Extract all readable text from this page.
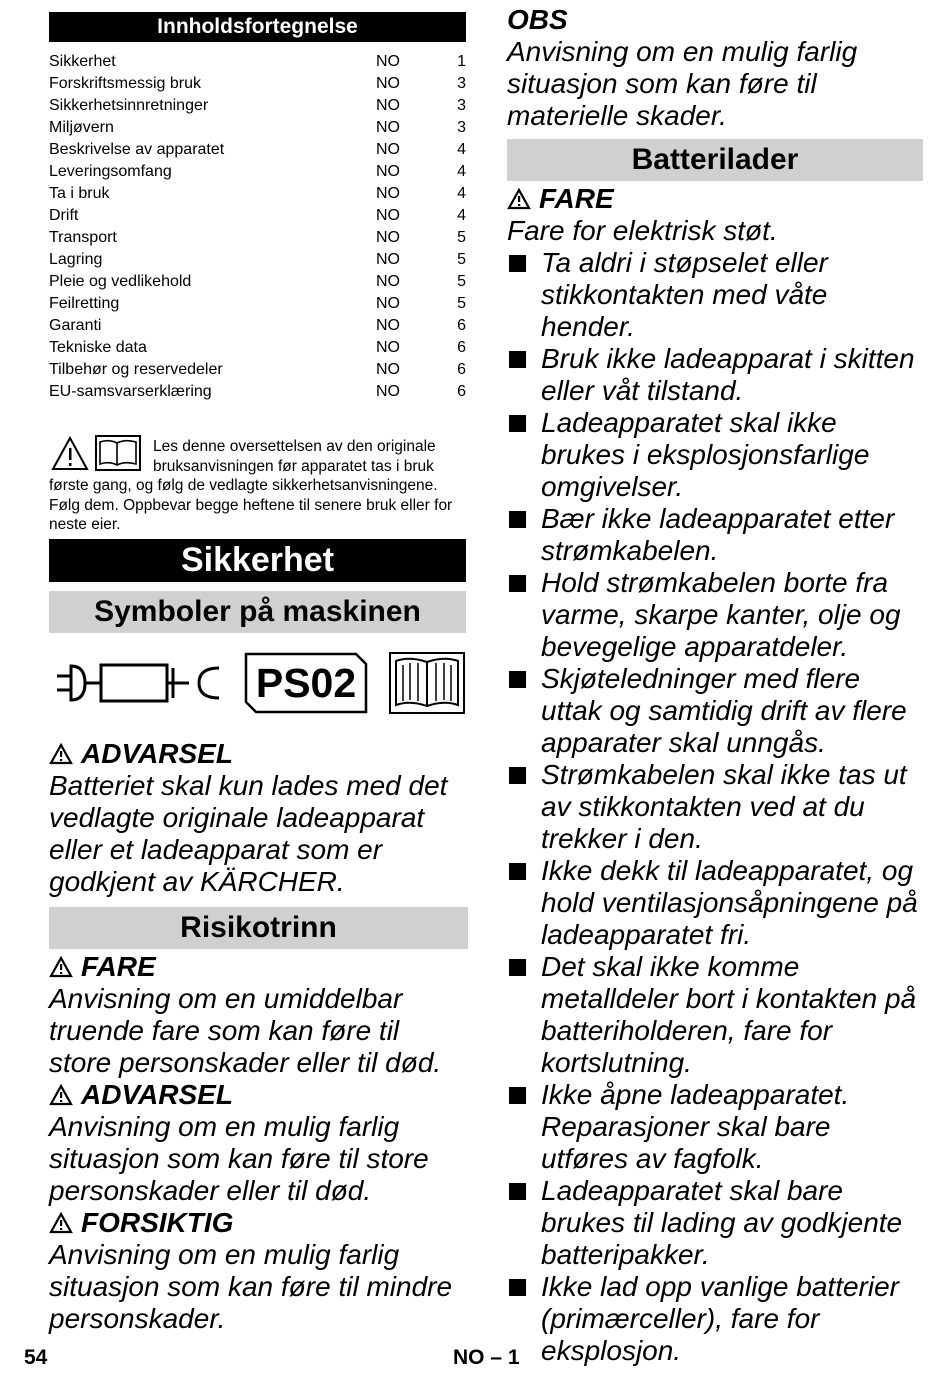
Innholdsfortegnelse
Sikkerhet	NO	1
Forskriftsmessig bruk	NO	3
Sikkerhetsinnretninger	NO	3
Miljøvern	NO	3
Beskrivelse av apparatet	NO	4
Leveringsomfang	NO	4
Ta i bruk	NO	4
Drift	NO	4
Transport	NO	5
Lagring	NO	5
Pleie og vedlikehold	NO	5
Feilretting	NO	5
Garanti	NO	6
Tekniske data	NO	6
Tilbehør og reservedeler	NO	6
EU-samsvarserklæring	NO	6
Les denne oversettelsen av den originale bruksanvisningen før apparatet tas i bruk første gang, og følg de vedlagte sikkerhetsanvisningene. Følg dem. Oppbevar begge heftene til senere bruk eller for neste eier.
Sikkerhet
Symboler på maskinen
PS02
ADVARSEL
Batteriet skal kun lades med det vedlagte originale ladeapparat eller et ladeapparat som er godkjent av KÄRCHER.
Risikotrinn
FARE
Anvisning om en umiddelbar truende fare som kan føre til store personskader eller til død.
ADVARSEL
Anvisning om en mulig farlig situasjon som kan føre til store personskader eller til død.
FORSIKTIG
Anvisning om en mulig farlig situasjon som kan føre til mindre personskader.
OBS
Anvisning om en mulig farlig situasjon som kan føre til materielle skader.
Batterilader
FARE
Fare for elektrisk støt.
Ta aldri i støpselet eller stikkontakten med våte hender.
Bruk ikke ladeapparat i skitten eller våt tilstand.
Ladeapparatet skal ikke brukes i eksplosjonsfarlige omgivelser.
Bær ikke ladeapparatet etter strømkabelen.
Hold strømkabelen borte fra varme, skarpe kanter, olje og bevegelige apparatdeler.
Skjøteledninger med flere uttak og samtidig drift av flere apparater skal unngås.
Strømkabelen skal ikke tas ut av stikkontakten ved at du trekker i den.
Ikke dekk til ladeapparatet, og hold ventilasjonsåpningene på ladeapparatet fri.
Det skal ikke komme metalldeler bort i kontakten på batteriholderen, fare for kortslutning.
Ikke åpne ladeapparatet. Reparasjoner skal bare utføres av fagfolk.
Ladeapparatet skal bare brukes til lading av godkjente batteripakker.
Ikke lad opp vanlige batterier (primærceller), fare for eksplosjon.
54	NO – 1
